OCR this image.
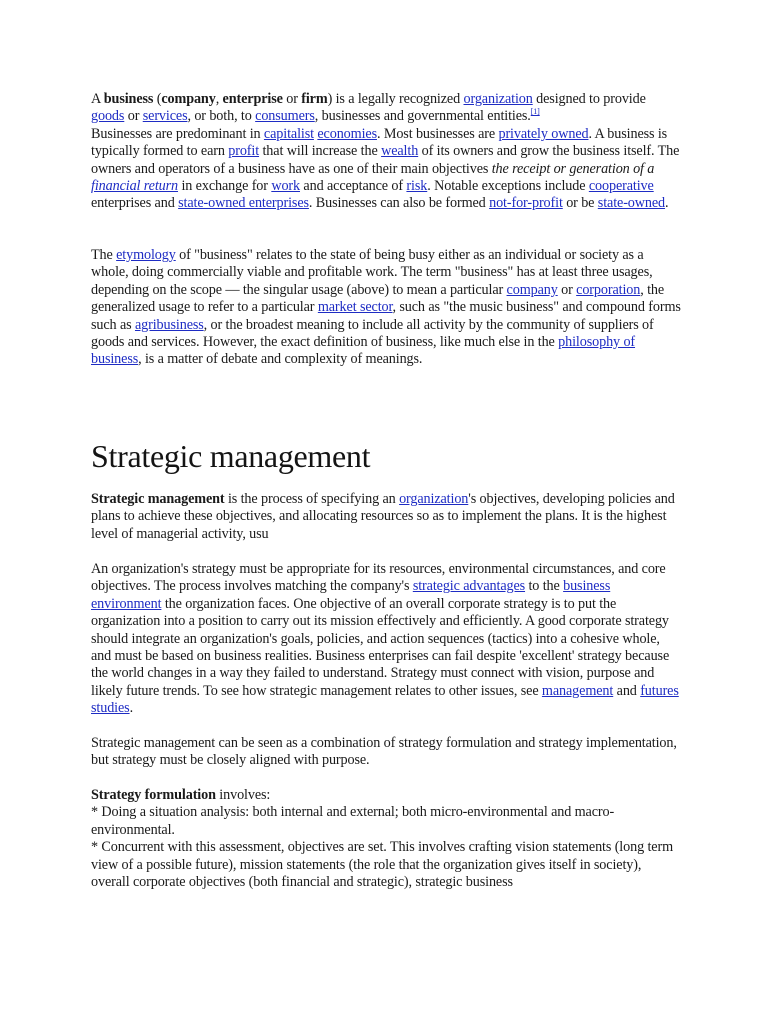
A business (company, enterprise or firm) is a legally recognized organization designed to provide goods or services, or both, to consumers, businesses and governmental entities.[1]
Businesses are predominant in capitalist economies. Most businesses are privately owned. A business is typically formed to earn profit that will increase the wealth of its owners and grow the business itself. The owners and operators of a business have as one of their main objectives the receipt or generation of a financial return in exchange for work and acceptance of risk. Notable exceptions include cooperative enterprises and state-owned enterprises. Businesses can also be formed not-for-profit or be state-owned.

The etymology of "business" relates to the state of being busy either as an individual or society as a whole, doing commercially viable and profitable work. The term "business" has at least three usages, depending on the scope — the singular usage (above) to mean a particular company or corporation, the generalized usage to refer to a particular market sector, such as "the music business" and compound forms such as agribusiness, or the broadest meaning to include all activity by the community of suppliers of goods and services. However, the exact definition of business, like much else in the philosophy of business, is a matter of debate and complexity of meanings.

Strategic management

Strategic management is the process of specifying an organization's objectives, developing policies and plans to achieve these objectives, and allocating resources so as to implement the plans. It is the highest level of managerial activity, usu

An organization's strategy must be appropriate for its resources, environmental circumstances, and core objectives. The process involves matching the company's strategic advantages to the business environment the organization faces. One objective of an overall corporate strategy is to put the organization into a position to carry out its mission effectively and efficiently. A good corporate strategy should integrate an organization's goals, policies, and action sequences (tactics) into a cohesive whole, and must be based on business realities. Business enterprises can fail despite 'excellent' strategy because the world changes in a way they failed to understand. Strategy must connect with vision, purpose and likely future trends. To see how strategic management relates to other issues, see management and futures studies.

Strategic management can be seen as a combination of strategy formulation and strategy implementation, but strategy must be closely aligned with purpose.

Strategy formulation involves:
* Doing a situation analysis: both internal and external; both micro-environmental and macro-environmental.
* Concurrent with this assessment, objectives are set. This involves crafting vision statements (long term view of a possible future), mission statements (the role that the organization gives itself in society), overall corporate objectives (both financial and strategic), strategic business
